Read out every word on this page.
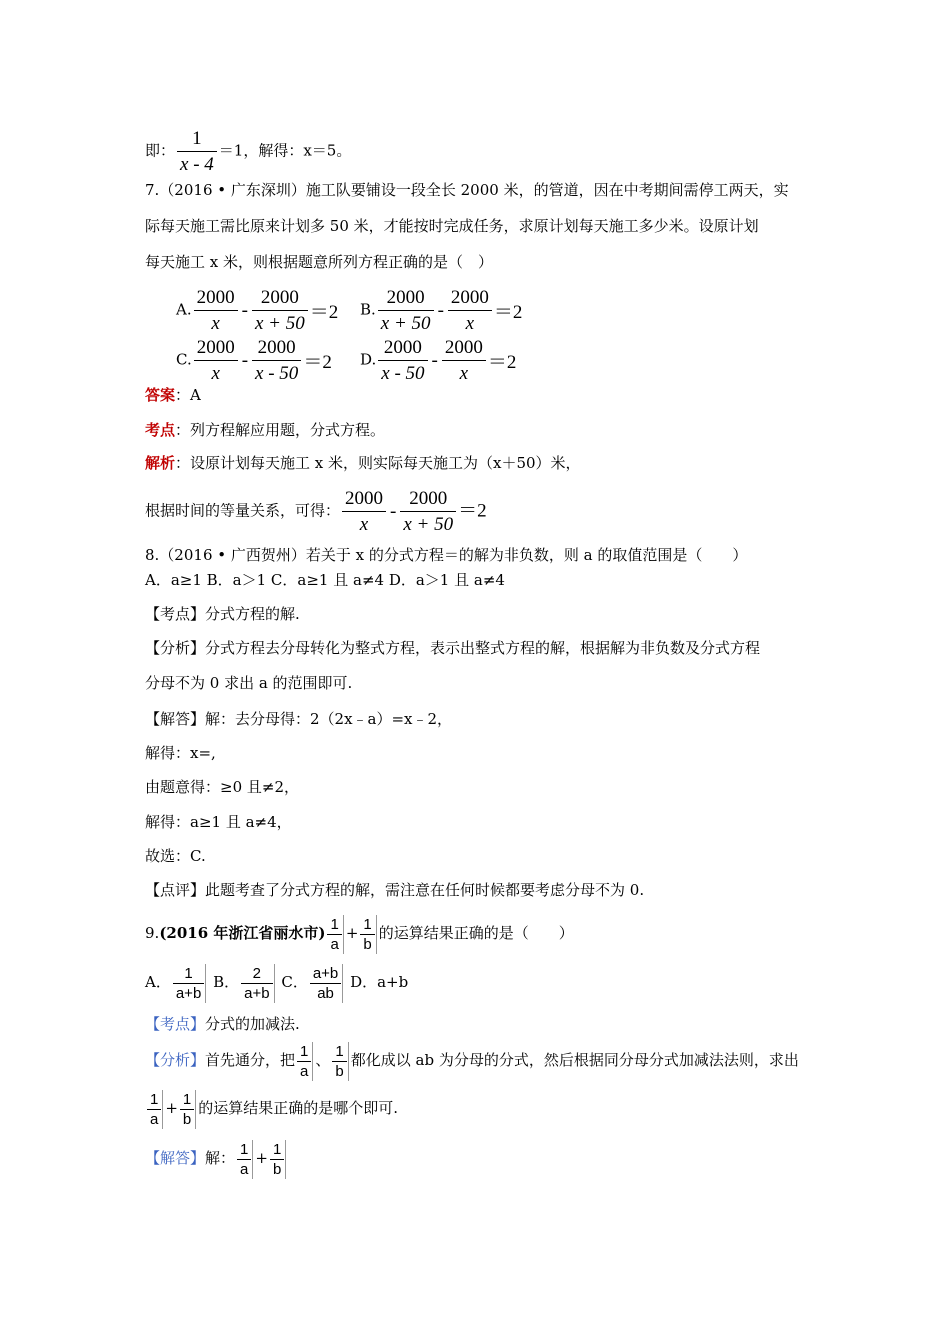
即： $\frac{1}{x - 4} =1$，解得：x＝5。
7.（2016 • 广东深圳）施工队要铺设一段全长 2000 米，的管道，因在中考期间需停工两天，实
际每天施工需比原来计划多 50 米，才能按时完成任务，求原计划每天施工多少米。设原计划
每天施工 x 米，则根据题意所列方程正确的是（　）
A. $\frac{2000}{x} - \frac{2000}{x + 50} =2$ B. $\frac{2000}{x + 50} - \frac{2000}{x} =2$
C. $\frac{2000}{x} - \frac{2000}{x - 50} =2$ D. $\frac{2000}{x - 50} - \frac{2000}{x} =2$
答案：A
考点：列方程解应用题，分式方程。
解析：设原计划每天施工 x 米，则实际每天施工为（x＋50）米，
根据时间的等量关系，可得： $\frac{2000}{x} - \frac{2000}{x + 50} =2$
8.（2016 • 广西贺州）若关于 x 的分式方程＝的解为非负数，则 a 的取值范围是（　　）
A．a≥1 B．a＞1 C．a≥1 且 a≠4 D．a＞1 且 a≠4
【考点】分式方程的解.
【分析】分式方程去分母转化为整式方程，表示出整式方程的解，根据解为非负数及分式方程
分母不为 0 求出 a 的范围即可.
【解答】解：去分母得：2（2x﹣a）=x﹣2，
解得：x=,
由题意得：≥0 且≠2，
解得：a≥1 且 a≠4，
故选：C.
【点评】此题考查了分式方程的解，需注意在任何时候都要考虑分母不为 0.
9.(2016 年浙江省丽水市) $\frac{1}{a} + \frac{1}{b}$ 的运算结果正确的是（　　）
A． $\frac{1}{a+b}$ B． $\frac{2}{a+b}$ C． $\frac{a+b}{ab}$ D．a+b
【考点】分式的加减法.
【分析】首先通分，把 $\frac{1}{a}$ 、 $\frac{1}{b}$ 都化成以 ab 为分母的分式，然后根据同分母分式加减法法则，求出
$\frac{1}{a} + \frac{1}{b}$ 的运算结果正确的是哪个即可.
【解答】解： $\frac{1}{a} + \frac{1}{b}$
